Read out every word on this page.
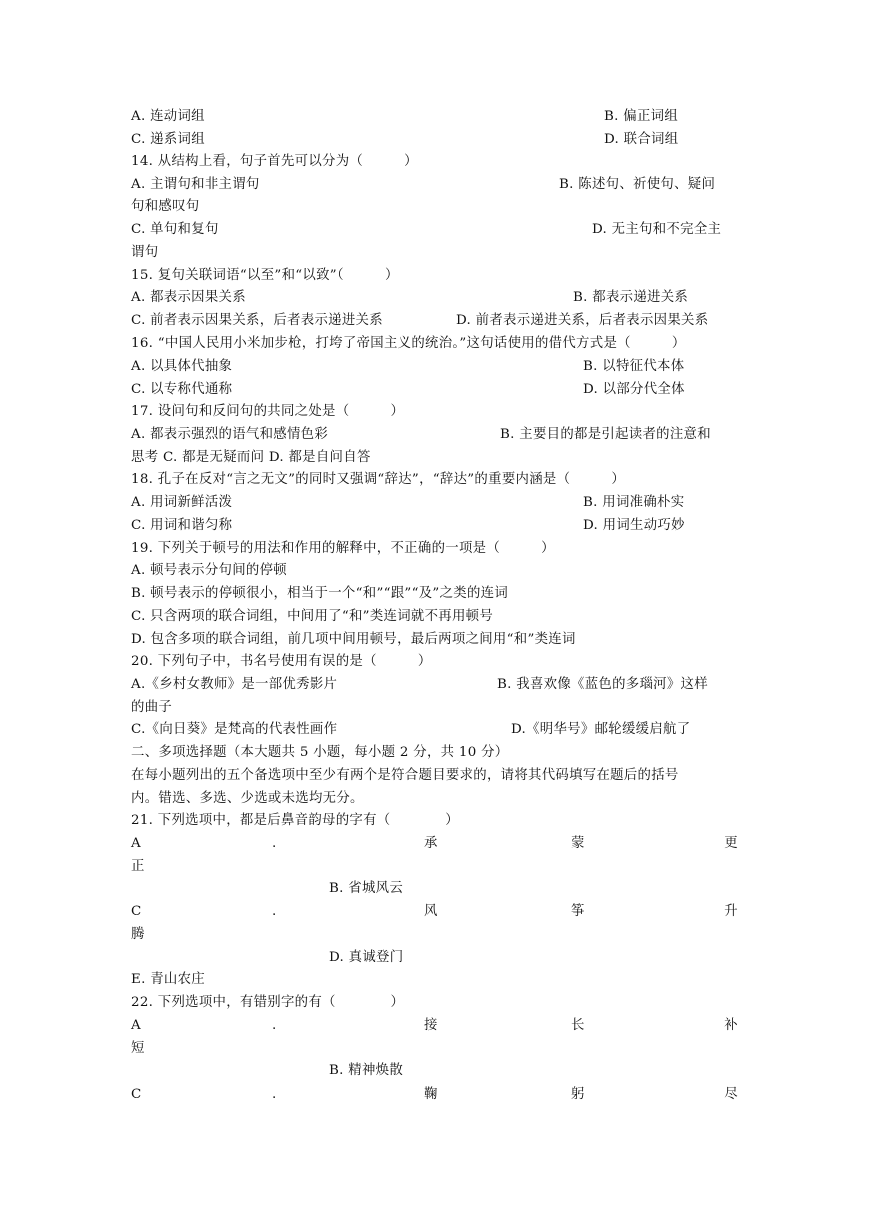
A. 连动词组	B. 偏正词组
C. 递系词组	D. 联合词组
14. 从结构上看，句子首先可以分为（　　　）
A. 主谓句和非主谓句	B. 陈述句、祈使句、疑问
句和感叹句
C. 单句和复句	D. 无主句和不完全主
谓句
15. 复句关联词语“以至”和“以致”（　　　）
A. 都表示因果关系	B. 都表示递进关系
C. 前者表示因果关系，后者表示递进关系	D. 前者表示递进关系，后者表示因果关系
16. “中国人民用小米加步枪，打垮了帝国主义的统治。”这句话使用的借代方式是（　　　）
A. 以具体代抽象	B. 以特征代本体
C. 以专称代通称	D. 以部分代全体
17. 设问句和反问句的共同之处是（　　　）
A. 都表示强烈的语气和感情色彩	B. 主要目的都是引起读者的注意和
思考 C. 都是无疑而问 D. 都是自问自答
18. 孔子在反对“言之无文”的同时又强调“辞达”，“辞达”的重要内涵是（　　　）
A. 用词新鲜活泼	B. 用词准确朴实
C. 用词和谐匀称	D. 用词生动巧妙
19. 下列关于顿号的用法和作用的解释中，不正确的一项是（　　　）
A. 顿号表示分句间的停顿
B. 顿号表示的停顿很小，相当于一个“和”“跟”“及”之类的连词
C. 只含两项的联合词组，中间用了“和”类连词就不再用顿号
D. 包含多项的联合词组，前几项中间用顿号，最后两项之间用“和”类连词
20. 下列句子中，书名号使用有误的是（　　　）
A.《乡村女教师》是一部优秀影片	B. 我喜欢像《蓝色的多瑙河》这样
的曲子
C.《向日葵》是梵高的代表性画作	D.《明华号》邮轮缓缓启航了
二、多项选择题（本大题共 5 小题，每小题 2 分，共 10 分）
在每小题列出的五个备选项中至少有两个是符合题目要求的，请将其代码填写在题后的括号
内。错选、多选、少选或未选均无分。
21. 下列选项中，都是后鼻音韵母的字有（　　　　）
A	.	承	蒙	更
正
B. 省城风云
C	.	风	筝	升
腾
D. 真诚登门
E. 青山农庄
22. 下列选项中，有错别字的有（　　　　）
A	.	接	长	补
短
B. 精神焕散
C	.	鞠	躬	尽
